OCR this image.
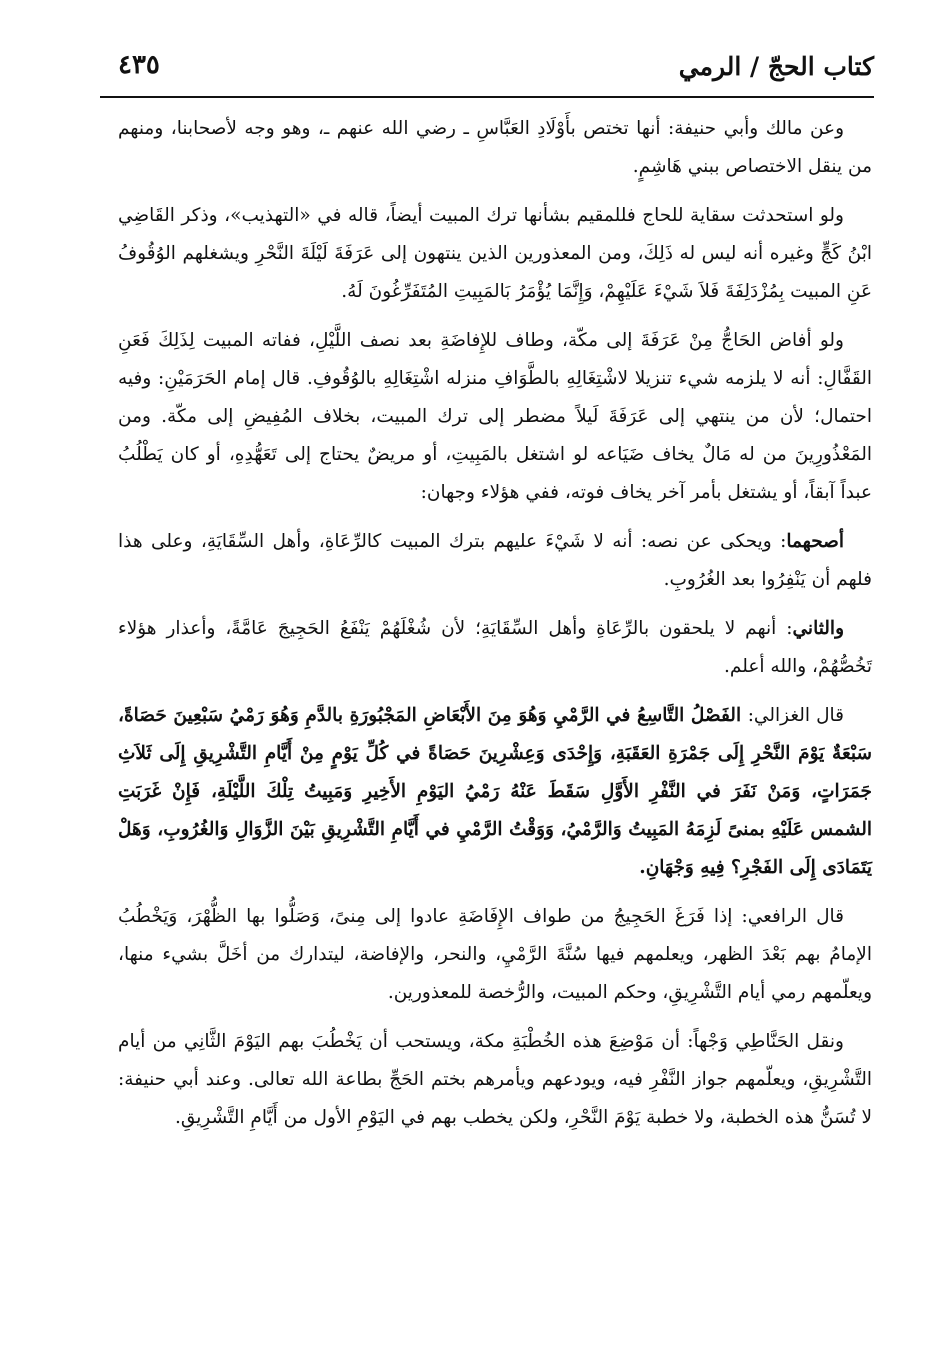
كتاب الحجّ / الرمي
٤٣٥

وعن مالك وأبي حنيفة: أنها تختص بأَوْلَادِ العَبَّاسِ ـ رضي الله عنهم ـ، وهو وجه لأصحابنا، ومنهم من ينقل الاختصاص ببني هَاشِمٍ.

ولو استحدثت سقاية للحاج فللمقيم بشأنها ترك المبيت أيضاً، قاله في «التهذيب»، وذكر القَاضِي ابْنُ كَجٍّ وغيره أنه ليس له ذَلِكَ، ومن المعذورين الذين ينتهون إلى عَرَفَةَ لَيْلَةَ النَّحْرِ ويشغلهم الوُقُوفُ عَنِ المبيت بِمُزْدَلِفَةَ فَلاَ شَيْءَ عَلَيْهِمْ، وَإِنَّمَا يُؤْمَرُ بَالمَبِيتِ المُتَفَرِّغُونَ لَهُ.

ولو أفاض الحَاجُّ مِنْ عَرَفَةَ إلى مكّة، وطاف للإِفاضَةِ بعد نصف اللَّيْلِ، ففاته المبيت لِذَلِكَ فَعَنِ القَفَّالِ: أنه لا يلزمه شيء تنزيلا لاشْتِغَالِهِ بالطَّوَافِ منزله اشْتِغَالِهِ بالوُقُوفِ. قال إمام الحَرَمَيْنِ: وفيه احتمال؛ لأن من ينتهي إلى عَرَفَةَ لَيلاً مضطر إلى ترك المبيت، بخلاف المُفِيضِ إلى مكّة. ومن المَعْذُورِينَ من له مَالٌ يخاف ضَيَاعه لو اشتغل بالمَبِيتِ، أو مريضٌ يحتاج إلى تَعَهُّدِهِ، أو كان يَطْلُبُ عبداً آبقاً، أو يشتغل بأمر آخر يخاف فوته، ففي هؤلاء وجهان:

أصحهما: ويحكى عن نصه: أنه لا شَيْءَ عليهم بترك المبيت كالرِّعَاةِ، وأهل السِّقَايَةِ، وعلى هذا فلهم أن يَنْفِرُوا بعد الغُرُوبِ.

والثاني: أنهم لا يلحقون بالرِّعَاةِ وأهل السِّقَايَةِ؛ لأن شُغْلَهُمْ يَنْفَعُ الحَجِيجَ عَامَّةً، وأعذار هؤلاء تَخُصُّهُمْ، والله أعلم.

قال الغزالي: الفَصْلُ التَّاسِعُ في الرَّمْيِ وَهُوَ مِنَ الأَبْعَاضِ المَجْبُورَةِ بالدَّمِ وَهُوَ رَمْيُ سَبْعِينَ حَصَاةً، سَبْعَةٌ يَوْمَ النَّحْرِ إِلَى جَمْرَةِ العَقَبَةِ، وَإِحْدَى وَعِشْرِينَ حَصَاةً في كُلِّ يَوْمٍ مِنْ أَيَّامِ التَّشْرِيقِ إِلَى ثَلاَثِ جَمَرَاتٍ، وَمَنْ نَفَرَ في النَّفْرِ الأَوَّلِ سَقَطَ عَنْهُ رَمْيُ اليَوْمِ الأَخِيرِ وَمَبِيتُ تِلْكَ اللَّيْلَةِ، فَإِنْ غَرَبَتِ الشمس عَلَيْهِ بمنىً لَزِمَهُ المَبِيتُ وَالرَّمْيُ، وَوَقْتُ الرَّمْيِ في أَيَّامِ التَّشْرِيقِ بَيْنَ الزَّوَالِ وَالغُرُوبِ، وَهَلْ يَتَمَادَى إِلَى الفَجْرِ؟ فِيهِ وَجْهَانِ.

قال الرافعي: إذا فَرَغَ الحَجِيجُ من طواف الإِفَاضَةِ عادوا إلى مِنىً، وَصَلُّوا بها الظُّهْرَ، وَيَخْطُبُ الإمامُ بهم بَعْدَ الظهر، ويعلمهم فيها سُنَّةَ الرَّمْيِ، والنحر، والإفاضة، ليتدارك من أخَلَّ بشيء منها، ويعلّمهم رمي أيام التَّشْرِيقِ، وحكم المبيت، والرُّخصة للمعذورين.

ونقل الحَنَّاطِي وَجْهاً: أن مَوْضِعَ هذه الخُطْبَةِ مكة، ويستحب أن يَخْطُبَ بهم اليَوْمَ الثَّانِي من أيام التَّشْرِيقِ، ويعلّمهم جواز النَّفْرِ فيه، ويودعهم ويأمرهم بختم الحَجِّ بطاعة الله تعالى. وعند أبي حنيفة: لا تُسَنُّ هذه الخطبة، ولا خطبة يَوْمَ النَّحْرِ، ولكن يخطب بهم في اليَوْمِ الأول من أَيَّامِ التَّشْرِيقِ.
